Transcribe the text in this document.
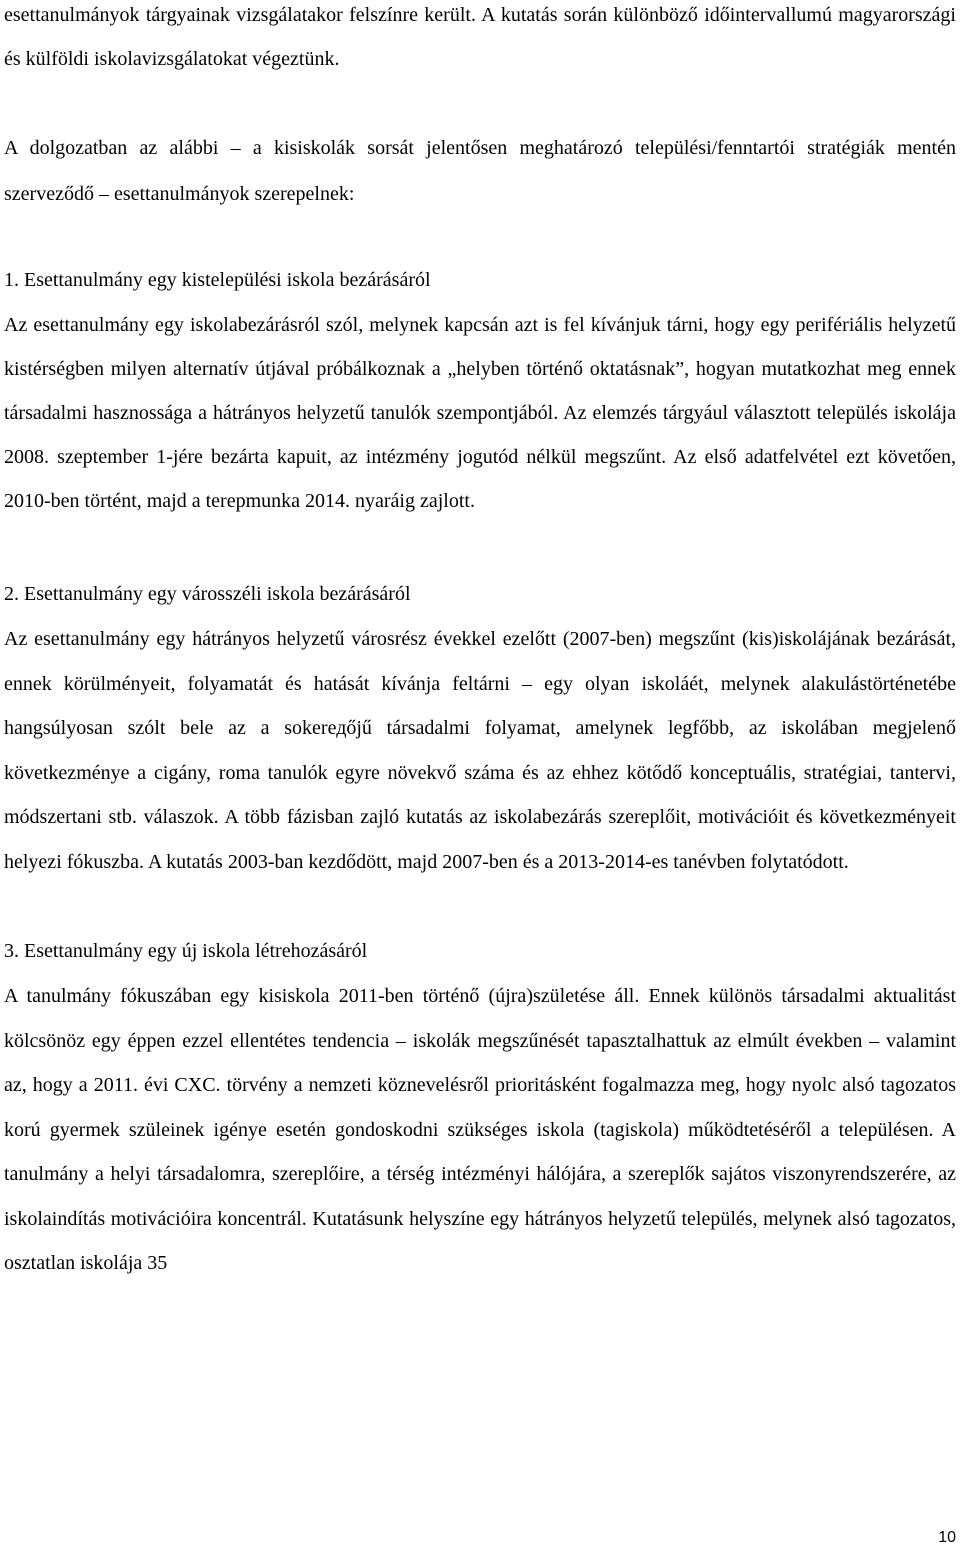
esettanulmányok tárgyainak vizsgálatakor felszínre került. A kutatás során különböző időintervallumú magyarországi és külföldi iskolavizsgálatokat végeztünk.

A dolgozatban az alábbi – a kisiskolák sorsát jelentősen meghatározó települési/fenntartói stratégiák mentén szerveződő – esettanulmányok szerepelnek:

1. Esettanulmány egy kistelepülési iskola bezárásáról

Az esettanulmány egy iskolabezárásról szól, melynek kapcsán azt is fel kívánjuk tárni, hogy egy perifériális helyzetű kistérségben milyen alternatív útjával próbálkoznak a „helyben történő oktatásnak”, hogyan mutatkozhat meg ennek társadalmi hasznossága a hátrányos helyzetű tanulók szempontjából. Az elemzés tárgyául választott település iskolája 2008. szeptember 1-jére bezárta kapuit, az intézmény jogutód nélkül megszűnt. Az első adatfelvétel ezt követően, 2010-ben történt, majd a terepmunka 2014. nyaráig zajlott.

2. Esettanulmány egy városszéli iskola bezárásáról

Az esettanulmány egy hátrányos helyzetű városrész évekkel ezelőtt (2007-ben) megszűnt (kis)iskolájának bezárását, ennek körülményeit, folyamatát és hatását kívánja feltárni – egy olyan iskoláét, melynek alakulástörténetébe hangsúlyosan szólt bele az a sokerедőjű társadalmi folyamat, amelynek legfőbb, az iskolában megjelenő következménye a cigány, roma tanulók egyre növekvő száma és az ehhez kötődő konceptuális, stratégiai, tantervi, módszertani stb. válaszok. A több fázisban zajló kutatás az iskolabezárás szereplőit, motivációit és következményeit helyezi fókuszba. A kutatás 2003-ban kezdődött, majd 2007-ben és a 2013-2014-es tanévben folytatódott.

3. Esettanulmány egy új iskola létrehozásáról

A tanulmány fókuszában egy kisiskola 2011-ben történő (újra)születése áll. Ennek különös társadalmi aktualitást kölcsönöz egy éppen ezzel ellentétes tendencia – iskolák megszűnését tapasztalhattuk az elmúlt években – valamint az, hogy a 2011. évi CXC. törvény a nemzeti köznevelésről prioritásként fogalmazza meg, hogy nyolc alsó tagozatos korú gyermek szüleinek igénye esetén gondoskodni szükséges iskola (tagiskola) működtetéséről a településen. A tanulmány a helyi társadalomra, szereplőire, a térség intézményi hálójára, a szereplők sajátos viszonyrendszerére, az iskolaindítás motivációira koncentrál. Kutatásunk helyszíne egy hátrányos helyzetű település, melynek alsó tagozatos, osztatlan iskolája 35

10
